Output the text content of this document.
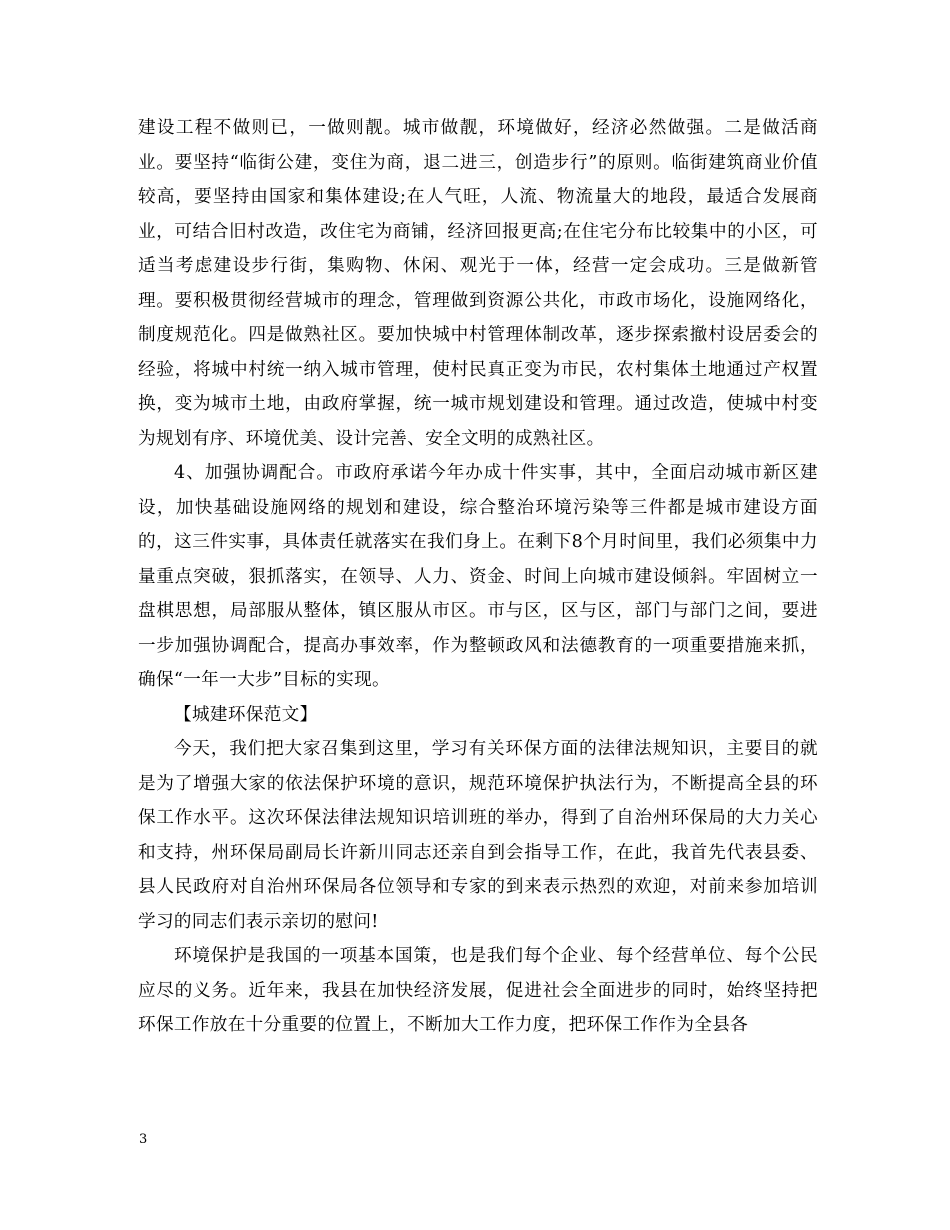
建设工程不做则已，一做则靓。城市做靓，环境做好，经济必然做强。二是做活商业。要坚持“临街公建，变住为商，退二进三，创造步行”的原则。临街建筑商业价值较高，要坚持由国家和集体建设;在人气旺，人流、物流量大的地段，最适合发展商业，可结合旧村改造，改住宅为商铺，经济回报更高;在住宅分布比较集中的小区，可适当考虑建设步行街，集购物、休闲、观光于一体，经营一定会成功。三是做新管理。要积极贯彻经营城市的理念，管理做到资源公共化，市政市场化，设施网络化，制度规范化。四是做熟社区。要加快城中村管理体制改革，逐步探索撤村设居委会的经验，将城中村统一纳入城市管理，使村民真正变为市民，农村集体土地通过产权置换，变为城市土地，由政府掌握，统一城市规划建设和管理。通过改造，使城中村变为规划有序、环境优美、设计完善、安全文明的成熟社区。

4、加强协调配合。市政府承诺今年办成十件实事，其中，全面启动城市新区建设，加快基础设施网络的规划和建设，综合整治环境污染等三件都是城市建设方面的，这三件实事，具体责任就落实在我们身上。在剩下8个月时间里，我们必须集中力量重点突破，狠抓落实，在领导、人力、资金、时间上向城市建设倾斜。牢固树立一盘棋思想，局部服从整体，镇区服从市区。市与区，区与区，部门与部门之间，要进一步加强协调配合，提高办事效率，作为整顿政风和法德教育的一项重要措施来抓，确保“一年一大步”目标的实现。

【城建环保范文】

今天，我们把大家召集到这里，学习有关环保方面的法律法规知识，主要目的就是为了增强大家的依法保护环境的意识，规范环境保护执法行为，不断提高全县的环保工作水平。这次环保法律法规知识培训班的举办，得到了自治州环保局的大力关心和支持，州环保局副局长许新川同志还亲自到会指导工作，在此，我首先代表县委、县人民政府对自治州环保局各位领导和专家的到来表示热烈的欢迎，对前来参加培训学习的同志们表示亲切的慰问!

环境保护是我国的一项基本国策，也是我们每个企业、每个经营单位、每个公民应尽的义务。近年来，我县在加快经济发展，促进社会全面进步的同时，始终坚持把环保工作放在十分重要的位置上，不断加大工作力度，把环保工作作为全县各

3
